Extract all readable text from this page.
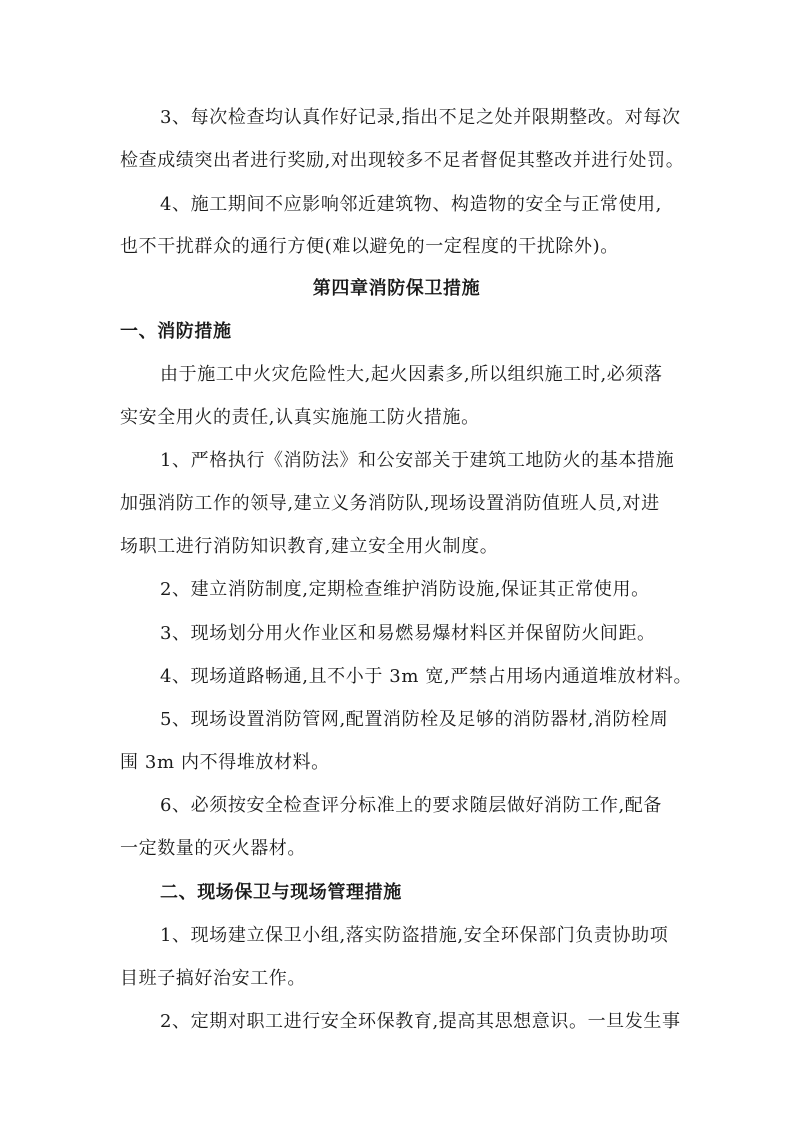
3、每次检查均认真作好记录,指出不足之处并限期整改。对每次
检查成绩突出者进行奖励,对出现较多不足者督促其整改并进行处罚。
4、施工期间不应影响邻近建筑物、构造物的安全与正常使用,
也不干扰群众的通行方便(难以避免的一定程度的干扰除外)。
第四章消防保卫措施
一、消防措施
由于施工中火灾危险性大,起火因素多,所以组织施工时,必须落
实安全用火的责任,认真实施施工防火措施。
1、严格执行《消防法》和公安部关于建筑工地防火的基本措施
加强消防工作的领导,建立义务消防队,现场设置消防值班人员,对进
场职工进行消防知识教育,建立安全用火制度。
2、建立消防制度,定期检查维护消防设施,保证其正常使用。
3、现场划分用火作业区和易燃易爆材料区并保留防火间距。
4、现场道路畅通,且不小于 3m 宽,严禁占用场内通道堆放材料。
5、现场设置消防管网,配置消防栓及足够的消防器材,消防栓周
围 3m 内不得堆放材料。
6、必须按安全检查评分标准上的要求随层做好消防工作,配备
一定数量的灭火器材。
二、现场保卫与现场管理措施
1、现场建立保卫小组,落实防盗措施,安全环保部门负责协助项
目班子搞好治安工作。
2、定期对职工进行安全环保教育,提高其思想意识。一旦发生事
